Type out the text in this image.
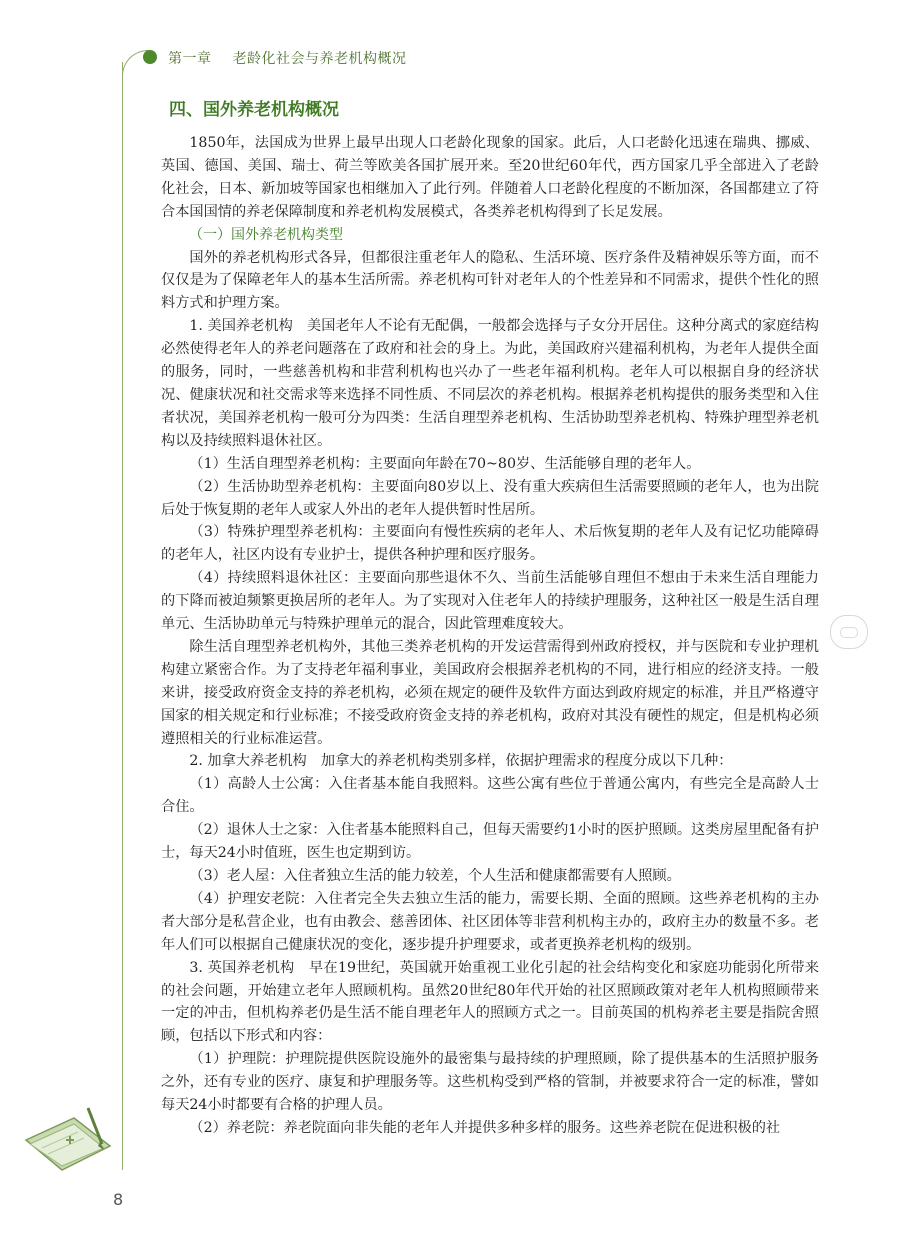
第一章 老龄化社会与养老机构概况
四、国外养老机构概况

1850年，法国成为世界上最早出现人口老龄化现象的国家。此后，人口老龄化迅速在瑞典、挪威、英国、德国、美国、瑞士、荷兰等欧美各国扩展开来。至20世纪60年代，西方国家几乎全部进入了老龄化社会，日本、新加坡等国家也相继加入了此行列。伴随着人口老龄化程度的不断加深，各国都建立了符合本国国情的养老保障制度和养老机构发展模式，各类养老机构得到了长足发展。

（一）国外养老机构类型

国外的养老机构形式各异，但都很注重老年人的隐私、生活环境、医疗条件及精神娱乐等方面，而不仅仅是为了保障老年人的基本生活所需。养老机构可针对老年人的个性差异和不同需求，提供个性化的照料方式和护理方案。

1. 美国养老机构　美国老年人不论有无配偶，一般都会选择与子女分开居住。这种分离式的家庭结构必然使得老年人的养老问题落在了政府和社会的身上。为此，美国政府兴建福利机构，为老年人提供全面的服务，同时，一些慈善机构和非营利机构也兴办了一些老年福利机构。老年人可以根据自身的经济状况、健康状况和社交需求等来选择不同性质、不同层次的养老机构。根据养老机构提供的服务类型和入住者状况，美国养老机构一般可分为四类：生活自理型养老机构、生活协助型养老机构、特殊护理型养老机构以及持续照料退休社区。

（1）生活自理型养老机构：主要面向年龄在70~80岁、生活能够自理的老年人。

（2）生活协助型养老机构：主要面向80岁以上、没有重大疾病但生活需要照顾的老年人，也为出院后处于恢复期的老年人或家人外出的老年人提供暂时性居所。

（3）特殊护理型养老机构：主要面向有慢性疾病的老年人、术后恢复期的老年人及有记忆功能障碍的老年人，社区内设有专业护士，提供各种护理和医疗服务。

（4）持续照料退休社区：主要面向那些退休不久、当前生活能够自理但不想由于未来生活自理能力的下降而被迫频繁更换居所的老年人。为了实现对入住老年人的持续护理服务，这种社区一般是生活自理单元、生活协助单元与特殊护理单元的混合，因此管理难度较大。

除生活自理型养老机构外，其他三类养老机构的开发运营需得到州政府授权，并与医院和专业护理机构建立紧密合作。为了支持老年福利事业，美国政府会根据养老机构的不同，进行相应的经济支持。一般来讲，接受政府资金支持的养老机构，必须在规定的硬件及软件方面达到政府规定的标准，并且严格遵守国家的相关规定和行业标准；不接受政府资金支持的养老机构，政府对其没有硬性的规定，但是机构必须遵照相关的行业标准运营。

2. 加拿大养老机构　加拿大的养老机构类别多样，依据护理需求的程度分成以下几种：

（1）高龄人士公寓：入住者基本能自我照料。这些公寓有些位于普通公寓内，有些完全是高龄人士合住。

（2）退休人士之家：入住者基本能照料自己，但每天需要约1小时的医护照顾。这类房屋里配备有护士，每天24小时值班，医生也定期到访。

（3）老人屋：入住者独立生活的能力较差，个人生活和健康都需要有人照顾。

（4）护理安老院：入住者完全失去独立生活的能力，需要长期、全面的照顾。这些养老机构的主办者大部分是私营企业，也有由教会、慈善团体、社区团体等非营利机构主办的，政府主办的数量不多。老年人们可以根据自己健康状况的变化，逐步提升护理要求，或者更换养老机构的级别。

3. 英国养老机构　早在19世纪，英国就开始重视工业化引起的社会结构变化和家庭功能弱化所带来的社会问题，开始建立老年人照顾机构。虽然20世纪80年代开始的社区照顾政策对老年人机构照顾带来一定的冲击，但机构养老仍是生活不能自理老年人的照顾方式之一。目前英国的机构养老主要是指院舍照顾，包括以下形式和内容：

（1）护理院：护理院提供医院设施外的最密集与最持续的护理照顾，除了提供基本的生活照护服务之外，还有专业的医疗、康复和护理服务等。这些机构受到严格的管制，并被要求符合一定的标准，譬如每天24小时都要有合格的护理人员。

（2）养老院：养老院面向非失能的老年人并提供多种多样的服务。这些养老院在促进积极的社

8
